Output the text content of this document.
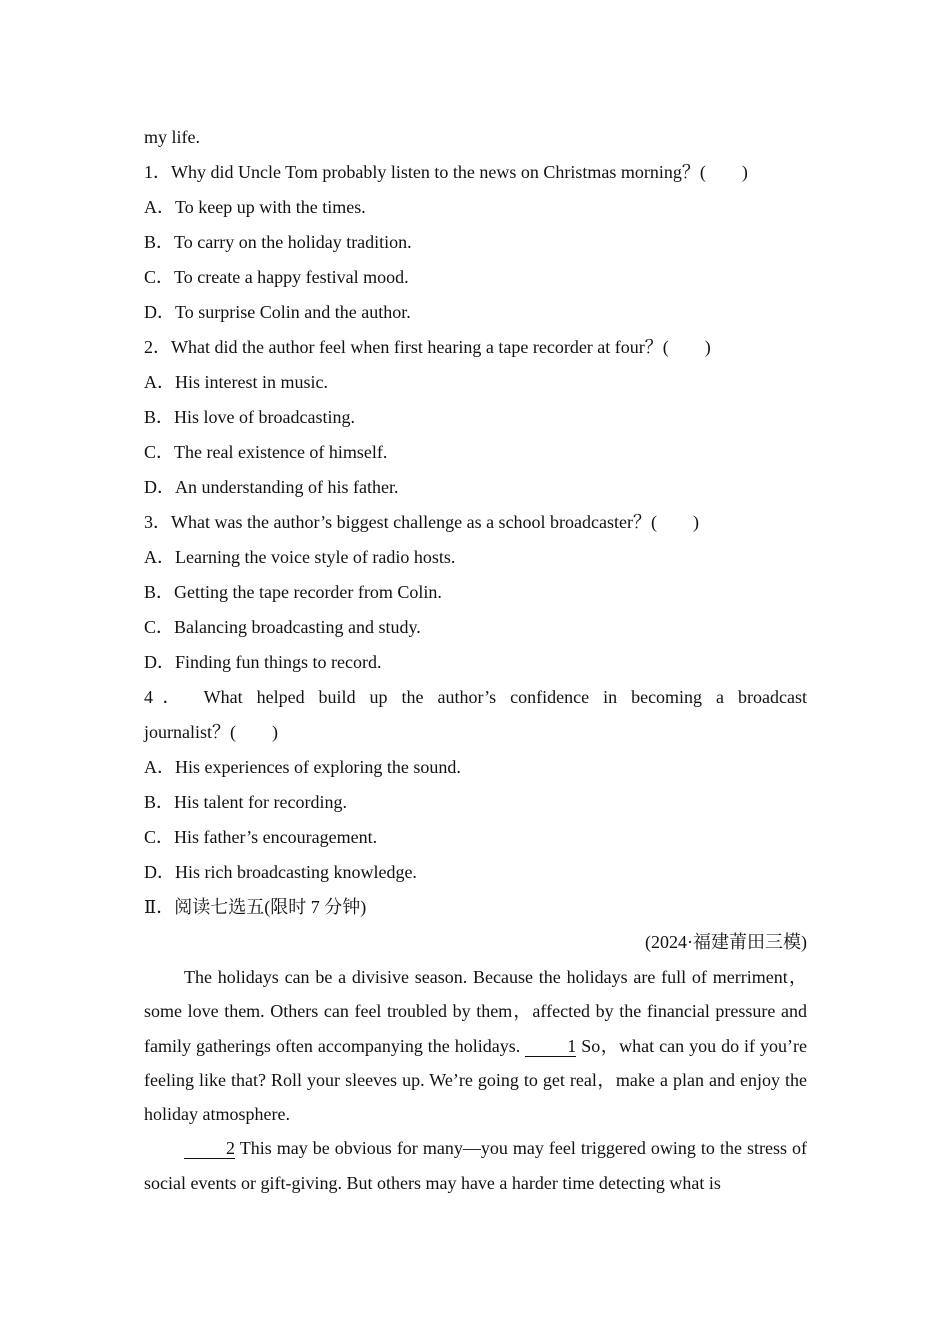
my life.
1．Why did Uncle Tom probably listen to the news on Christmas morning？(　　)
A．To keep up with the times.
B．To carry on the holiday tradition.
C．To create a happy festival mood.
D．To surprise Colin and the author.
2．What did the author feel when first hearing a tape recorder at four？(　　)
A．His interest in music.
B．His love of broadcasting.
C．The real existence of himself.
D．An understanding of his father.
3．What was the author’s biggest challenge as a school broadcaster？(　　)
A．Learning the voice style of radio hosts.
B．Getting the tape recorder from Colin.
C．Balancing broadcasting and study.
D．Finding fun things to record.
4． What helped build up the author’s confidence in becoming a broadcast
journalist？(　　)
A．His experiences of exploring the sound.
B．His talent for recording.
C．His father’s encouragement.
D．His rich broadcasting knowledge.
Ⅱ．阅读七选五(限时 7 分钟)
(2024·福建莆田三模)
The holidays can be a divisive season. Because the holidays are full of merriment，some love them. Others can feel troubled by them，affected by the financial pressure and family gatherings often accompanying the holidays. 1 So，what can you do if you’re feeling like that? Roll your sleeves up. We’re going to get real，make a plan and enjoy the holiday atmosphere.
2 This may be obvious for many—you may feel triggered owing to the stress of social events or gift-giving. But others may have a harder time detecting what is
